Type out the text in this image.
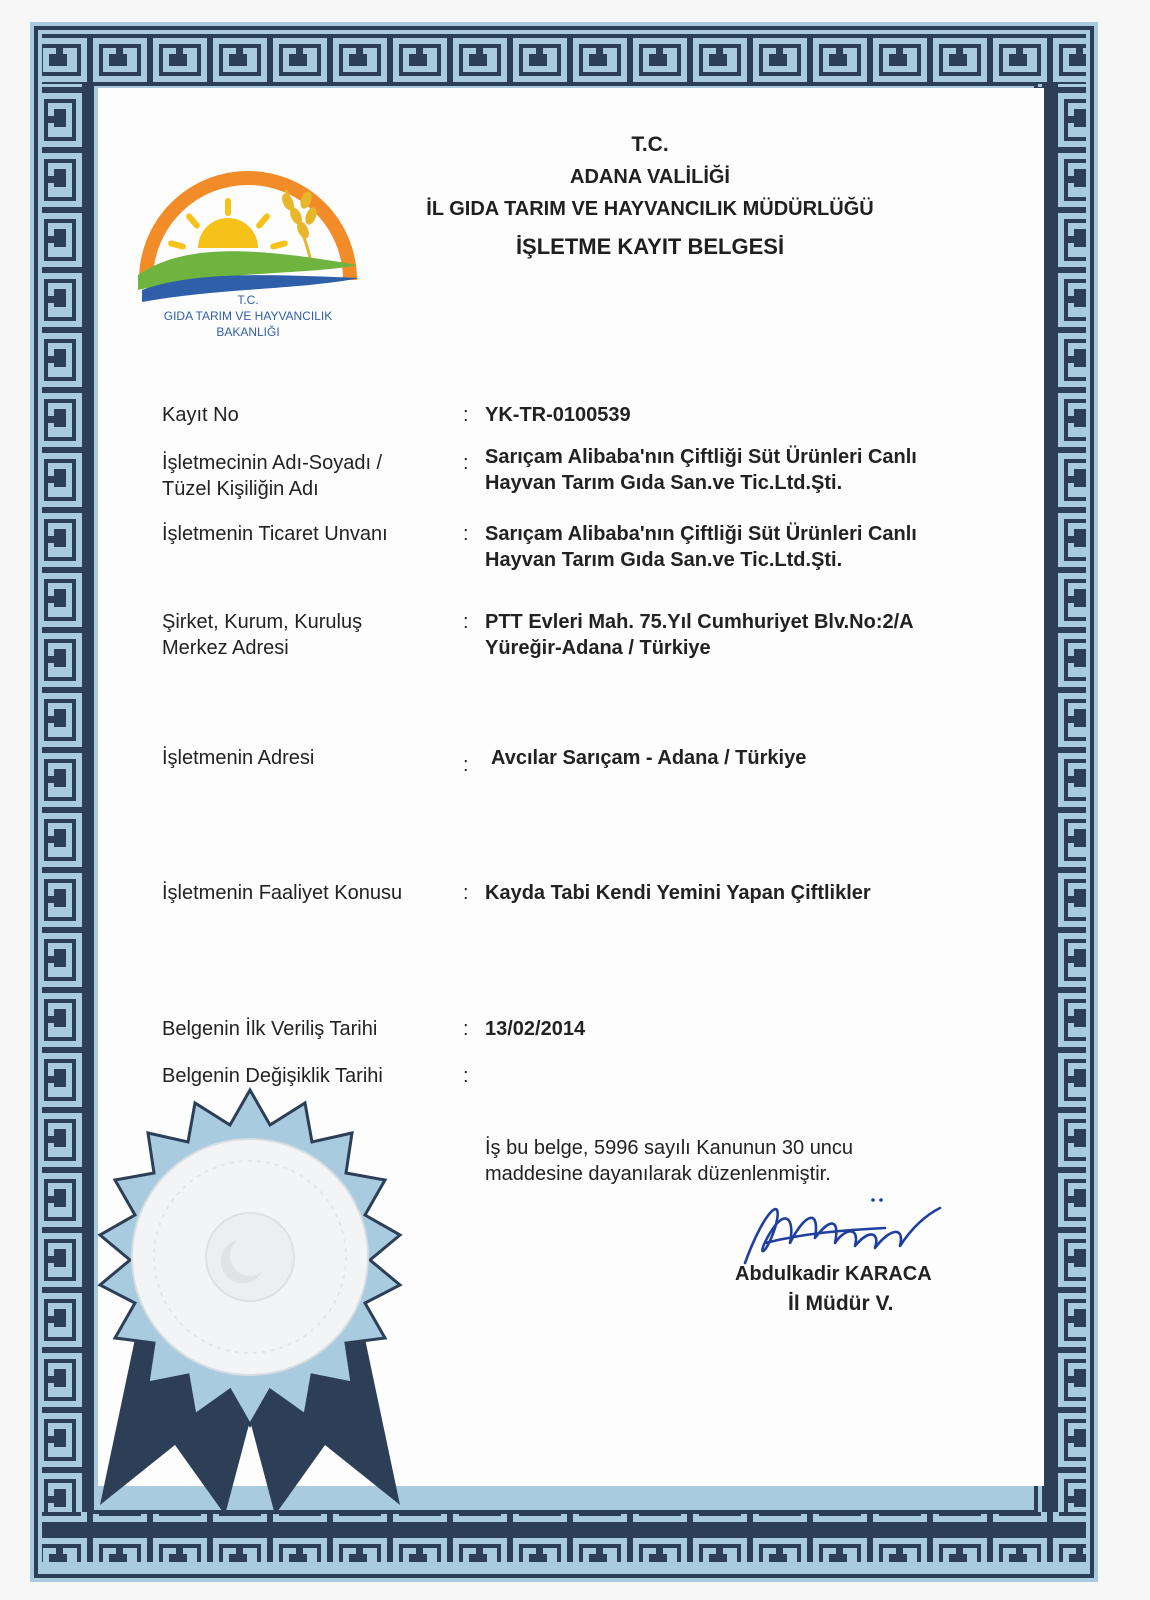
T.C.
GIDA TARIM VE HAYVANCILIK
BAKANLIĞI
T.C.
ADANA VALİLİĞİ
İL GIDA TARIM VE HAYVANCILIK MÜDÜRLÜĞÜ
İŞLETME KAYIT BELGESİ
Kayıt No	: YK-TR-0100539
İşletmecinin Adı-Soyadı /
Tüzel Kişiliğin Adı
: Sarıçam Alibaba'nın Çiftliği Süt Ürünleri Canlı
Hayvan Tarım Gıda San.ve Tic.Ltd.Şti.
İşletmenin Ticaret Unvanı	: Sarıçam Alibaba'nın Çiftliği Süt Ürünleri Canlı
Hayvan Tarım Gıda San.ve Tic.Ltd.Şti.
Şirket, Kurum, Kuruluş
Merkez Adresi
: PTT Evleri Mah. 75.Yıl Cumhuriyet Blv.No:2/A
Yüreğir-Adana / Türkiye
İşletmenin Adresi	: Avcılar Sarıçam - Adana / Türkiye
İşletmenin Faaliyet Konusu	: Kayda Tabi Kendi Yemini Yapan Çiftlikler
Belgenin İlk Veriliş Tarihi	: 13/02/2014
Belgenin Değişiklik Tarihi	:
İş bu belge, 5996 sayılı Kanunun 30 uncu
maddesine dayanılarak düzenlenmiştir.
Abdulkadir KARACA
İl Müdür V.
